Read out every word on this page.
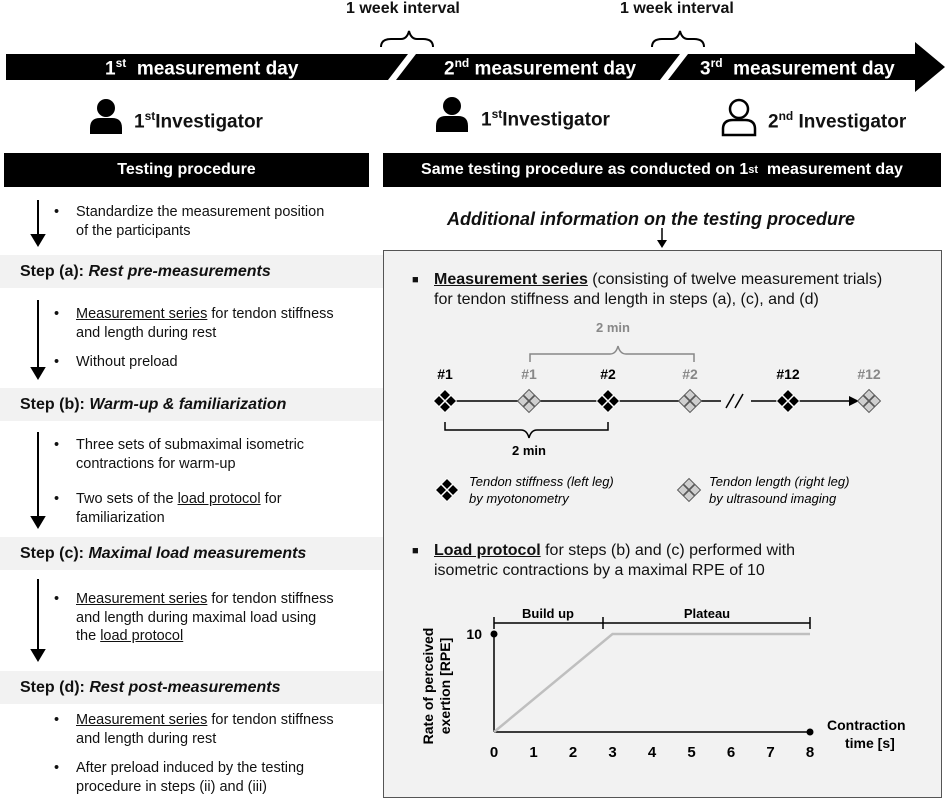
1 week interval	1 week interval
1st measurement day	2nd measurement day	3rd measurement day
1stInvestigator	1stInvestigator	2nd Investigator
Testing procedure
• Standardize the measurement position
of the participants
Step (a): Rest pre-measurements
• Measurement series for tendon stiffness
and length during rest
• Without preload
Step (b): Warm-up & familiarization
• Three sets of submaximal isometric
contractions for warm-up
• Two sets of the load protocol for
familiarization
Step (c): Maximal load measurements
• Measurement series for tendon stiffness
and length during maximal load using
the load protocol
Step (d): Rest post-measurements
• Measurement series for tendon stiffness
and length during rest
• After preload induced by the testing
procedure in steps (ii) and (iii)
Same testing procedure as conducted on 1 st measurement day
Additional information on the testing procedure
■ Measurement series (consisting of twelve measurement trials)
for tendon stiffness and length in steps (a), (c), and (d)
2 min
#1	#1	#2	#2	#12	#12
2 min
Tendon stiffness (left leg)
by myotonometry
Tendon length (right leg)
by ultrasound imaging
■ Load protocol for steps (b) and (c) performed with
isometric contractions by a maximal RPE of 10
Build up	Plateau
10
0 1 2 3 4 5 6 7 8
Rate of perceived exertion [RPE]	Contraction
time [s]
